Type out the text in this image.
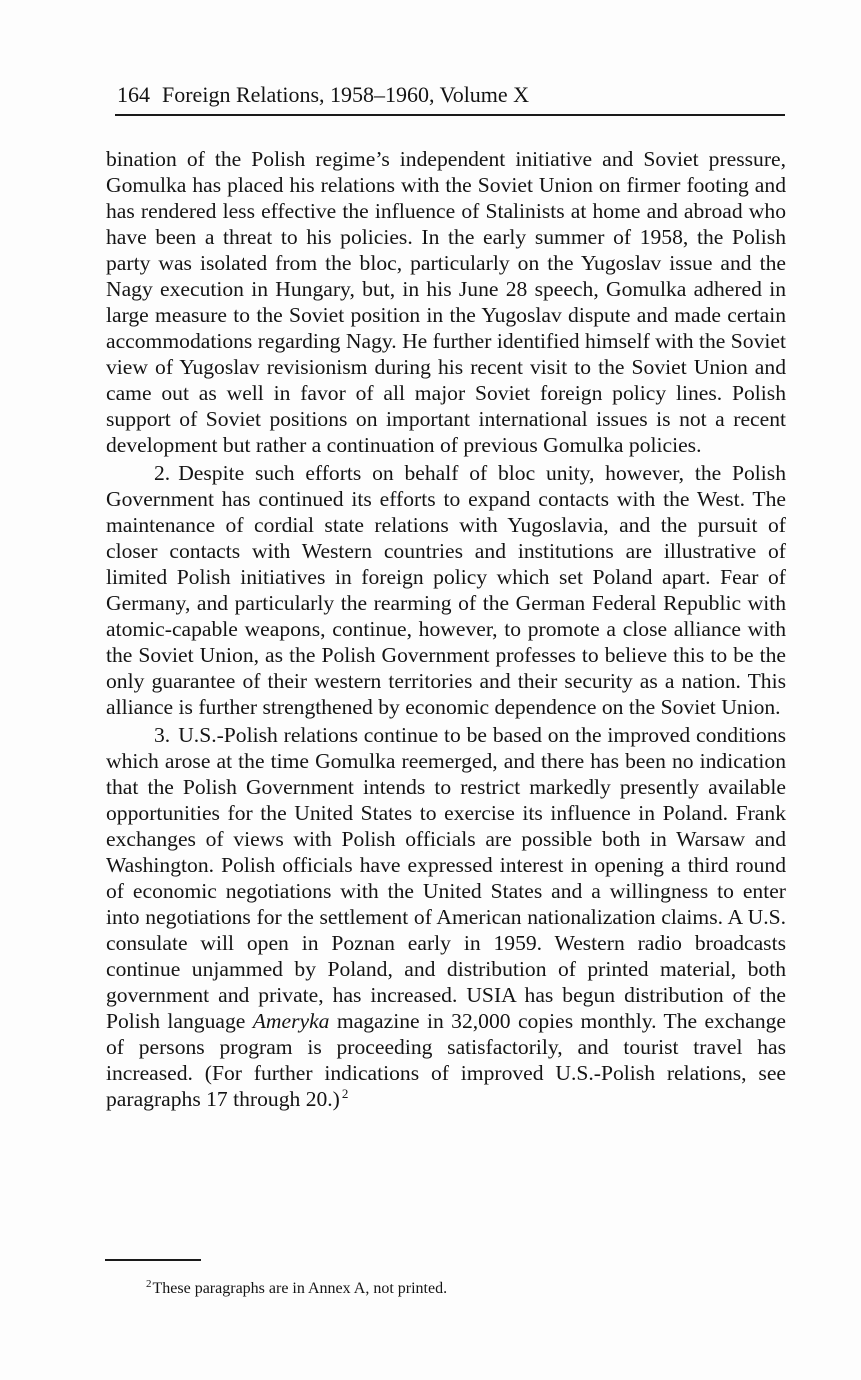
164 Foreign Relations, 1958–1960, Volume X

bination of the Polish regime’s independent initiative and Soviet pressure, Gomulka has placed his relations with the Soviet Union on firmer footing and has rendered less effective the influence of Stalinists at home and abroad who have been a threat to his policies. In the early summer of 1958, the Polish party was isolated from the bloc, particularly on the Yugoslav issue and the Nagy execution in Hungary, but, in his June 28 speech, Gomulka adhered in large measure to the Soviet position in the Yugoslav dispute and made certain accommodations regarding Nagy. He further identified himself with the Soviet view of Yugoslav revisionism during his recent visit to the Soviet Union and came out as well in favor of all major Soviet foreign policy lines. Polish support of Soviet positions on important international issues is not a recent development but rather a continuation of previous Gomulka policies.

2. Despite such efforts on behalf of bloc unity, however, the Polish Government has continued its efforts to expand contacts with the West. The maintenance of cordial state relations with Yugoslavia, and the pursuit of closer contacts with Western countries and institutions are illustrative of limited Polish initiatives in foreign policy which set Poland apart. Fear of Germany, and particularly the rearming of the German Federal Republic with atomic-capable weapons, continue, however, to promote a close alliance with the Soviet Union, as the Polish Government professes to believe this to be the only guarantee of their western territories and their security as a nation. This alliance is further strengthened by economic dependence on the Soviet Union.

3. U.S.-Polish relations continue to be based on the improved conditions which arose at the time Gomulka reemerged, and there has been no indication that the Polish Government intends to restrict markedly presently available opportunities for the United States to exercise its influence in Poland. Frank exchanges of views with Polish officials are possible both in Warsaw and Washington. Polish officials have expressed interest in opening a third round of economic negotiations with the United States and a willingness to enter into negotiations for the settlement of American nationalization claims. A U.S. consulate will open in Poznan early in 1959. Western radio broadcasts continue unjammed by Poland, and distribution of printed material, both government and private, has increased. USIA has begun distribution of the Polish language Ameryka magazine in 32,000 copies monthly. The exchange of persons program is proceeding satisfactorily, and tourist travel has increased. (For further indications of improved U.S.-Polish relations, see paragraphs 17 through 20.) $^2$

$^2$These paragraphs are in Annex A, not printed.
